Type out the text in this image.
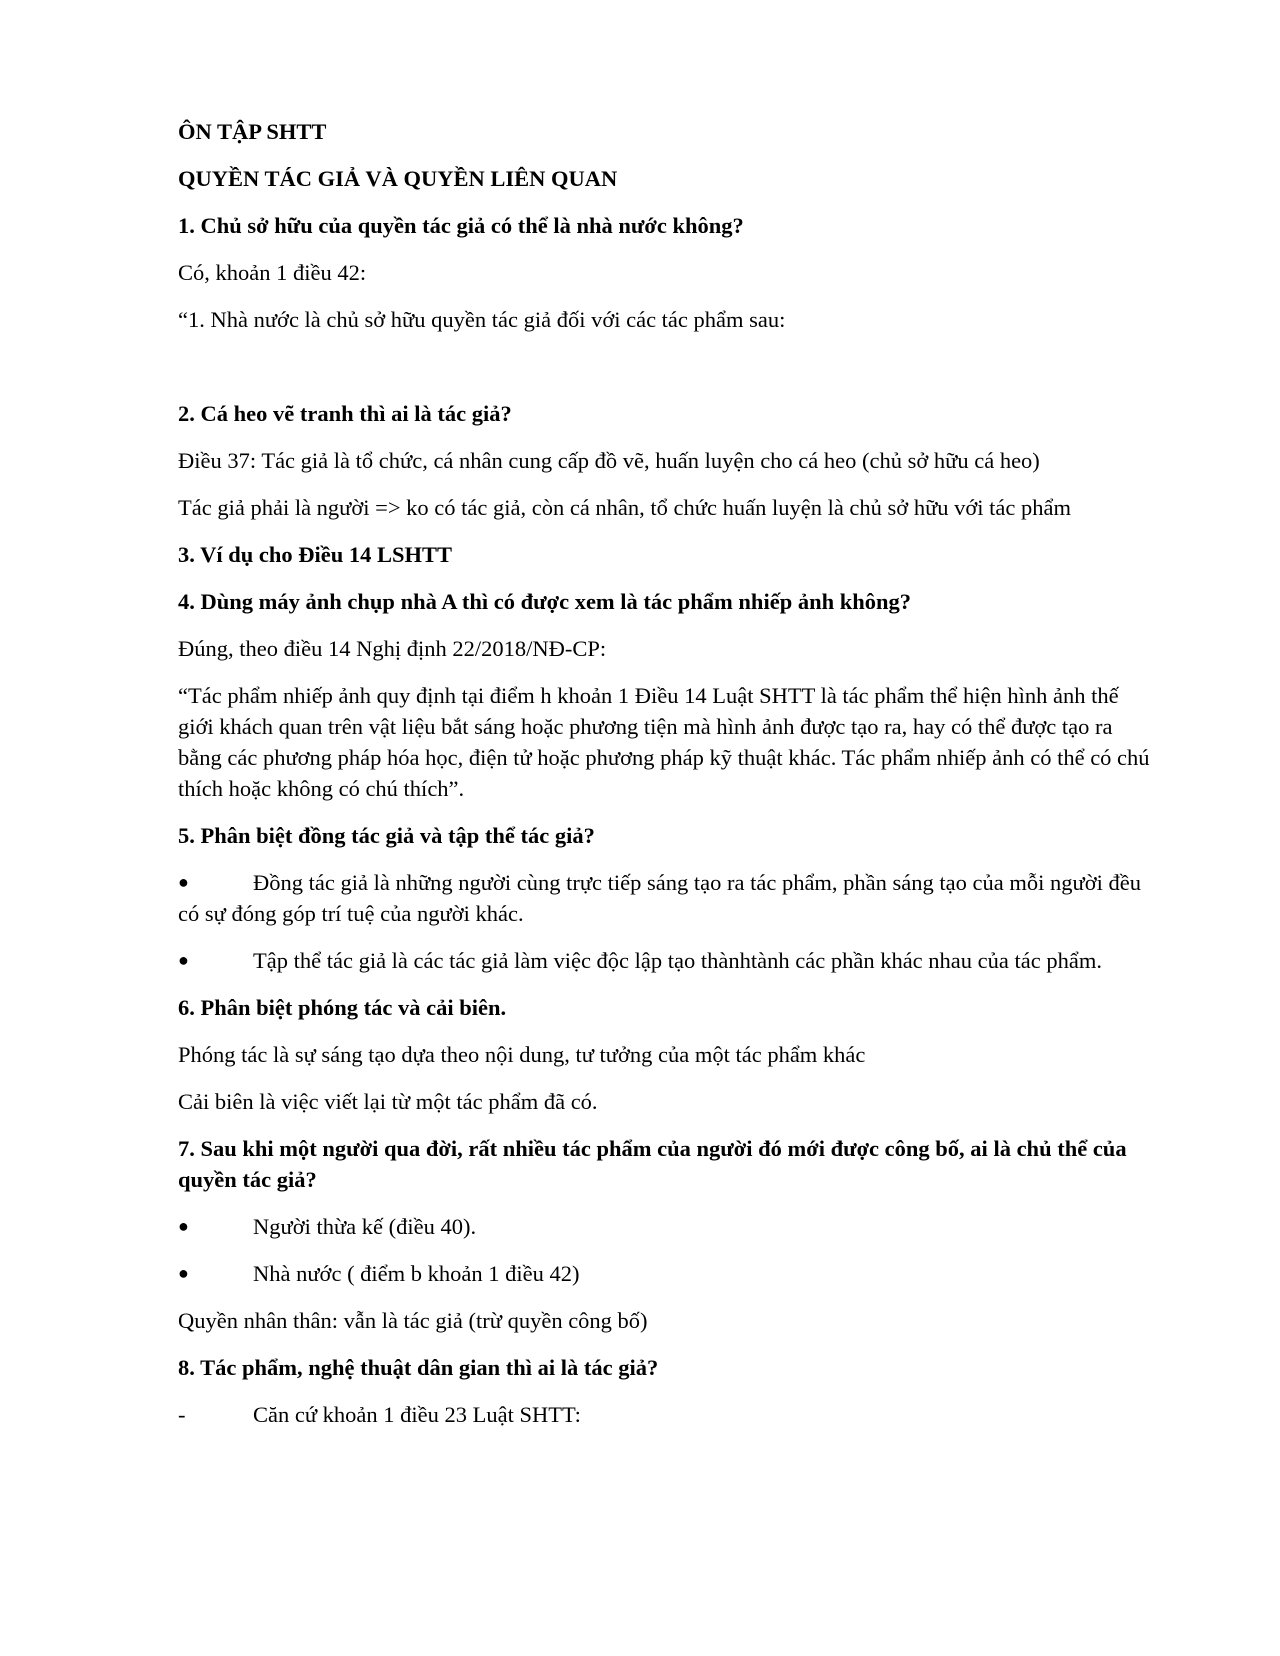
ÔN TẬP SHTT

QUYỀN TÁC GIẢ VÀ QUYỀN LIÊN QUAN

1. Chủ sở hữu của quyền tác giả có thể là nhà nước không?

Có, khoản 1 điều 42:

“1. Nhà nước là chủ sở hữu quyền tác giả đối với các tác phẩm sau:

2. Cá heo vẽ tranh thì ai là tác giả?

Điều 37: Tác giả là tổ chức, cá nhân cung cấp đồ vẽ, huấn luyện cho cá heo (chủ sở hữu cá heo)

Tác giả phải là người => ko có tác giả, còn cá nhân, tổ chức huấn luyện là chủ sở hữu với tác phẩm

3. Ví dụ cho Điều 14 LSHTT

4. Dùng máy ảnh chụp nhà A thì có được xem là tác phẩm nhiếp ảnh không?

Đúng, theo điều 14 Nghị định 22/2018/NĐ-CP:

“Tác phẩm nhiếp ảnh quy định tại điểm h khoản 1 Điều 14 Luật SHTT là tác phẩm thể hiện hình ảnh thế giới khách quan trên vật liệu bắt sáng hoặc phương tiện mà hình ảnh được tạo ra, hay có thể được tạo ra bằng các phương pháp hóa học, điện tử hoặc phương pháp kỹ thuật khác. Tác phẩm nhiếp ảnh có thể có chú thích hoặc không có chú thích”.

5. Phân biệt đồng tác giả và tập thể tác giả?

●	Đồng tác giả là những người cùng trực tiếp sáng tạo ra tác phẩm, phần sáng tạo của mỗi người đều có sự đóng góp trí tuệ của người khác.

●	Tập thể tác giả là các tác giả làm việc độc lập tạo thànhtành các phần khác nhau của tác phẩm.

6. Phân biệt phóng tác và cải biên.

Phóng tác là sự sáng tạo dựa theo nội dung, tư tưởng của một tác phẩm khác

Cải biên là việc viết lại từ một tác phẩm đã có.

7. Sau khi một người qua đời, rất nhiều tác phẩm của người đó mới được công bố, ai là chủ thể của quyền tác giả?

●	Người thừa kế (điều 40).

●	Nhà nước ( điểm b khoản 1 điều 42)

Quyền nhân thân: vẫn là tác giả (trừ quyền công bố)

8. Tác phẩm, nghệ thuật dân gian thì ai là tác giả?

-	Căn cứ khoản 1 điều 23 Luật SHTT:
